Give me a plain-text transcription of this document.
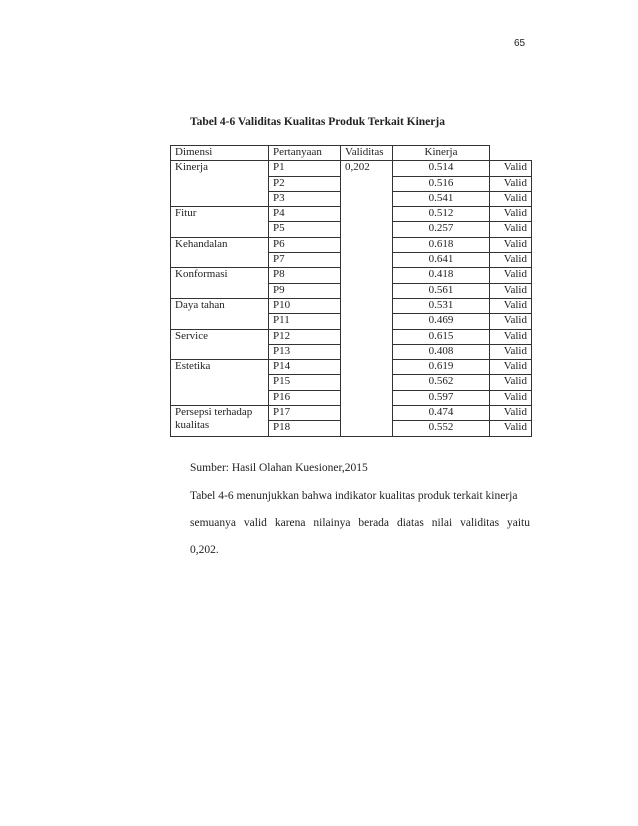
65
Tabel 4-6 Validitas Kualitas Produk Terkait Kinerja
Dimensi	Pertanyaan	Validitas	Kinerja	
Kinerja	P1	0,202	0.514	Valid
	P2		0.516	Valid
	P3		0.541	Valid
Fitur	P4		0.512	Valid
	P5		0.257	Valid
Kehandalan	P6		0.618	Valid
	P7		0.641	Valid
Konformasi	P8		0.418	Valid
	P9		0.561	Valid
Daya tahan	P10		0.531	Valid
	P11		0.469	Valid
Service	P12		0.615	Valid
	P13		0.408	Valid
Estetika	P14		0.619	Valid
	P15		0.562	Valid
	P16		0.597	Valid
Persepsi terhadap kualitas	P17		0.474	Valid
	P18		0.552	Valid
Sumber: Hasil Olahan Kuesioner,2015
Tabel 4-6 menunjukkan bahwa indikator kualitas produk terkait kinerja
semuanya valid karena nilainya berada diatas nilai validitas yaitu
0,202.
